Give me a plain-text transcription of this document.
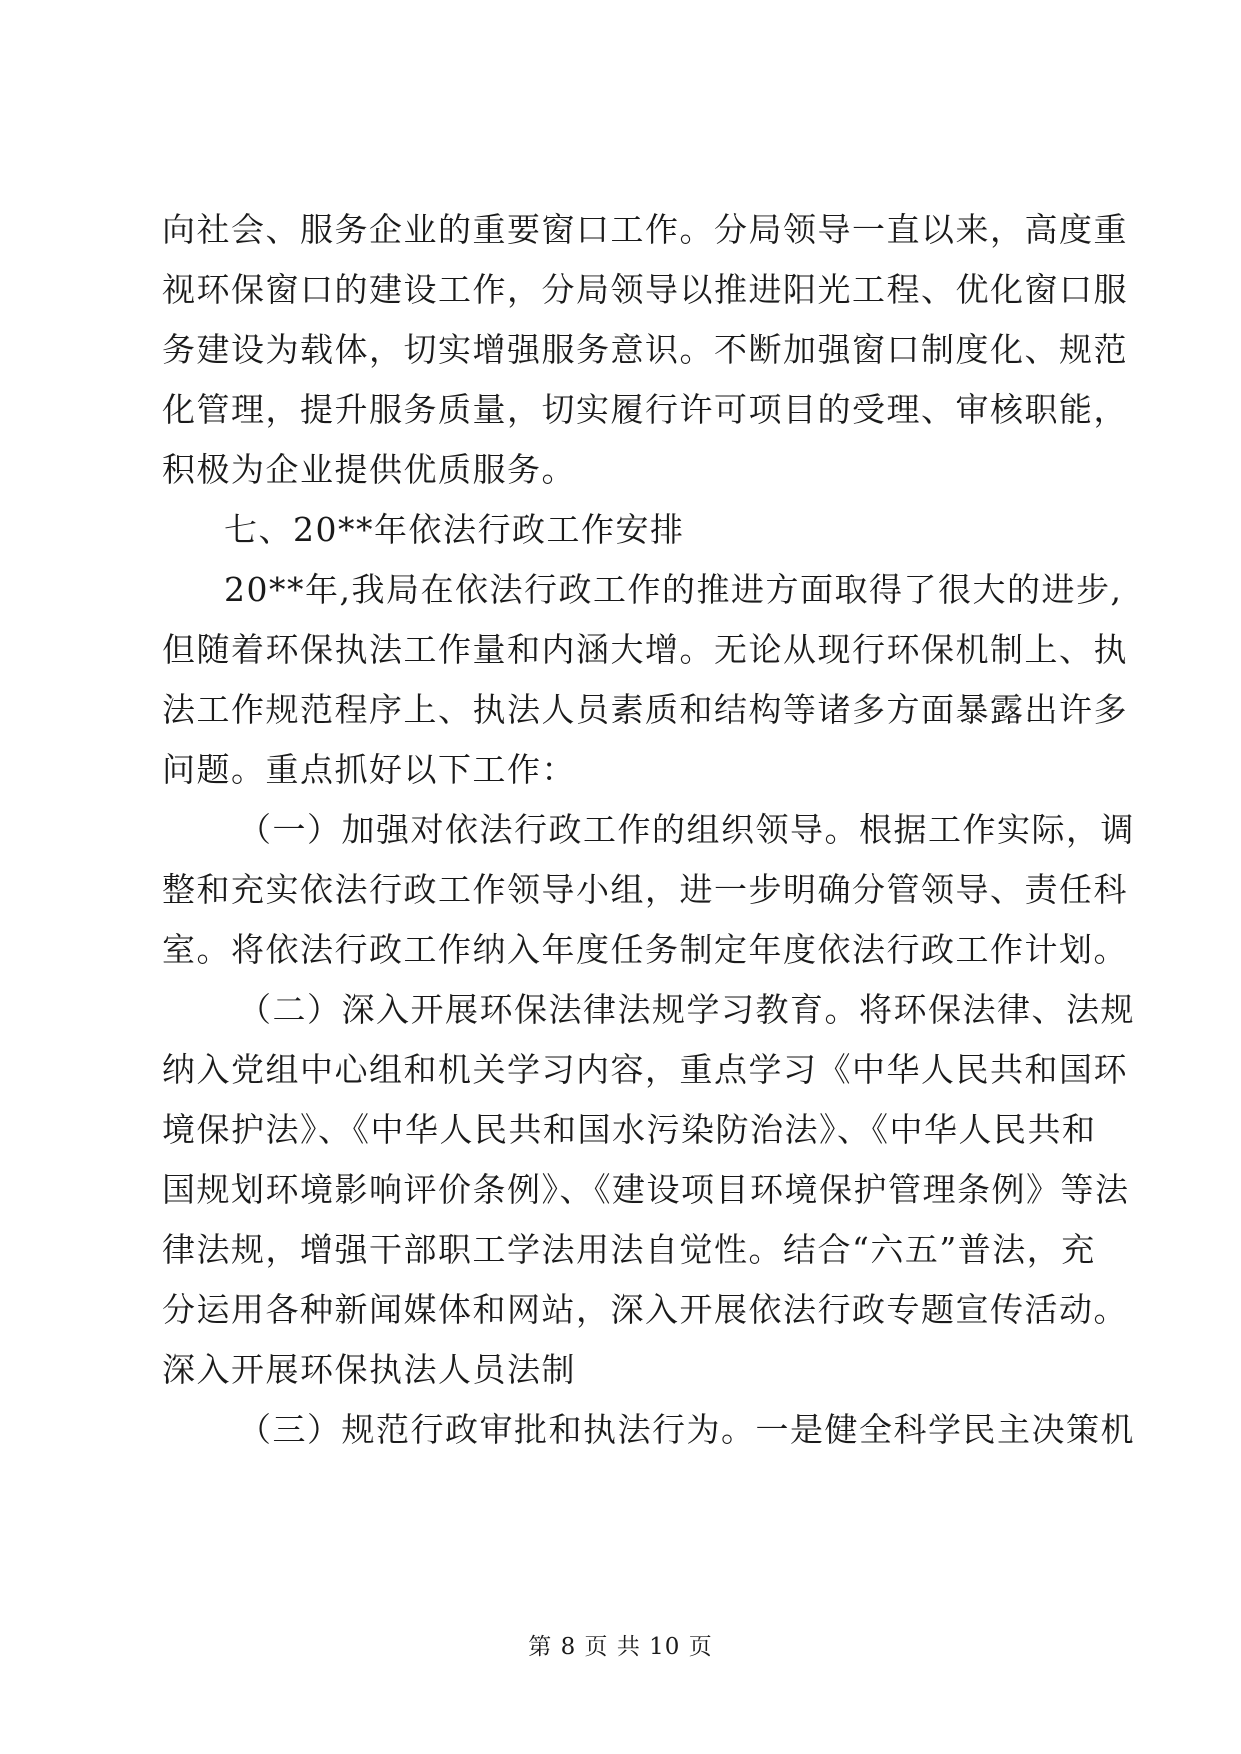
向社会、服务企业的重要窗口工作。分局领导一直以来，高度重
视环保窗口的建设工作，分局领导以推进阳光工程、优化窗口服
务建设为载体，切实增强服务意识。不断加强窗口制度化、规范
化管理，提升服务质量，切实履行许可项目的受理、审核职能，
积极为企业提供优质服务。
七、20**年依法行政工作安排
20**年,我局在依法行政工作的推进方面取得了很大的进步,
但随着环保执法工作量和内涵大增。无论从现行环保机制上、执
法工作规范程序上、执法人员素质和结构等诸多方面暴露出许多
问题。重点抓好以下工作：
（一）加强对依法行政工作的组织领导。根据工作实际，调
整和充实依法行政工作领导小组，进一步明确分管领导、责任科
室。将依法行政工作纳入年度任务制定年度依法行政工作计划。
（二）深入开展环保法律法规学习教育。将环保法律、法规
纳入党组中心组和机关学习内容，重点学习《中华人民共和国环
境保护法》、《中华人民共和国水污染防治法》、《中华人民共和
国规划环境影响评价条例》、《建设项目环境保护管理条例》等法
律法规，增强干部职工学法用法自觉性。结合“六五”普法，充
分运用各种新闻媒体和网站，深入开展依法行政专题宣传活动。
深入开展环保执法人员法制
（三）规范行政审批和执法行为。一是健全科学民主决策机
第 8 页 共 10 页
